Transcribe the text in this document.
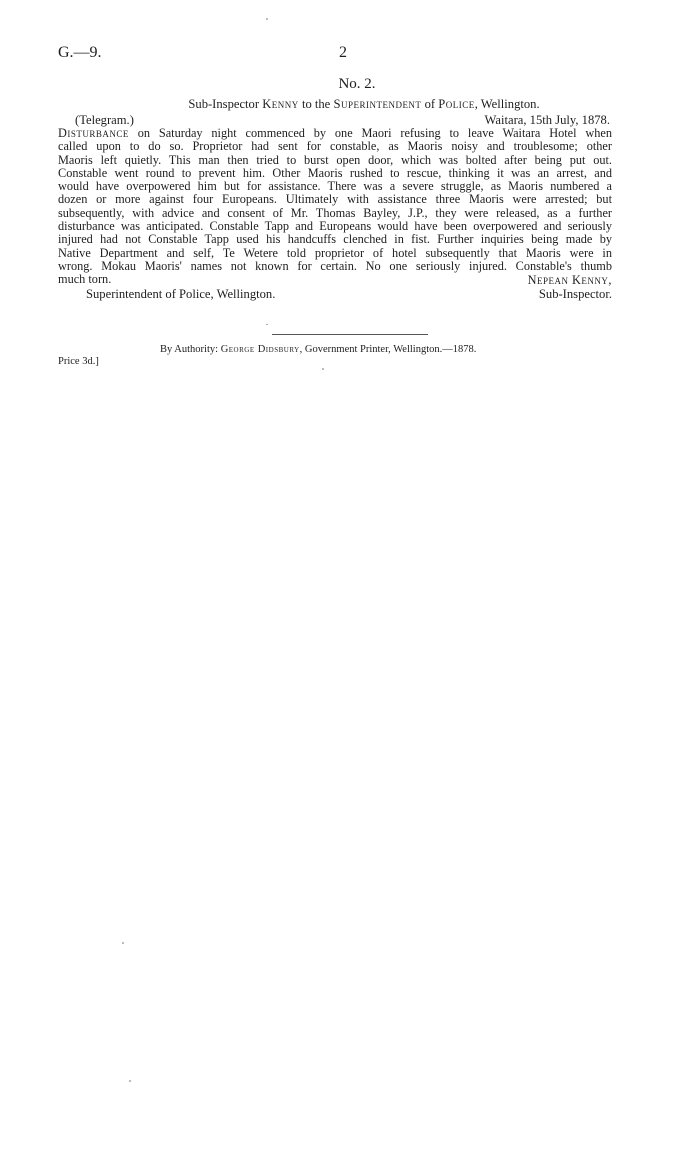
G.—9.	2
No. 2.
Sub-Inspector Kenny to the Superintendent of Police, Wellington.
(Telegram.)	Waitara, 15th July, 1878.
Disturbance on Saturday night commenced by one Maori refusing to leave Waitara Hotel when
called upon to do so. Proprietor had sent for constable, as Maoris noisy and troublesome; other
Maoris left quietly. This man then tried to burst open door, which was bolted after being put out.
Constable went round to prevent him. Other Maoris rushed to rescue, thinking it was an arrest, and
would have overpowered him but for assistance. There was a severe struggle, as Maoris numbered a
dozen or more against four Europeans. Ultimately with assistance three Maoris were arrested; but
subsequently, with advice and consent of Mr. Thomas Bayley, J.P., they were released, as a further
disturbance was anticipated. Constable Tapp and Europeans would have been overpowered and seriously
injured had not Constable Tapp used his handcuffs clenched in fist. Further inquiries being made by
Native Department and self, Te Wetere told proprietor of hotel subsequently that Maoris were in
wrong. Mokau Maoris' names not known for certain. No one seriously injured. Constable's thumb
much torn.	Nepean Kenny,
Superintendent of Police, Wellington.	Sub-Inspector.
By Authority: George Didsbury, Government Printer, Wellington.—1878.
Price 3d.]
